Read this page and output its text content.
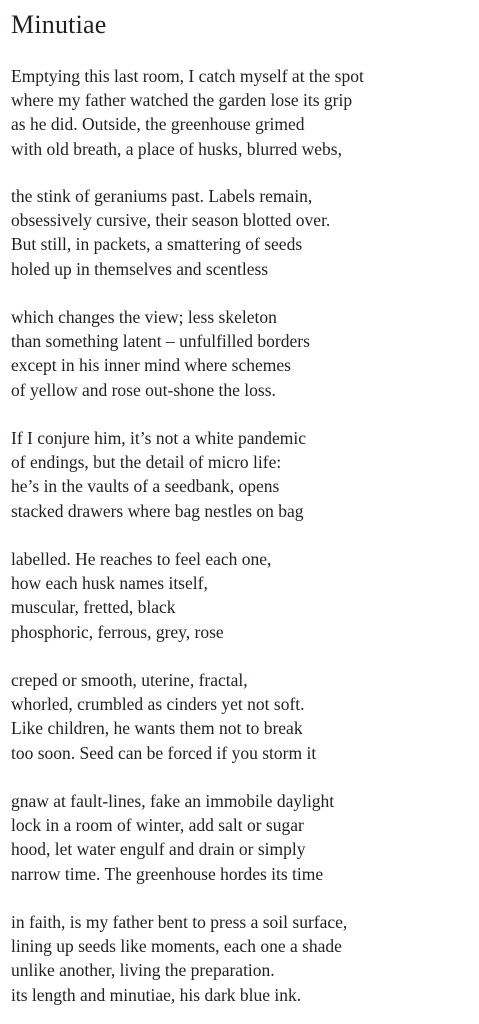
Minutiae
Emptying this last room, I catch myself at the spot
where my father watched the garden lose its grip
as he did. Outside, the greenhouse grimed
with old breath, a place of husks, blurred webs,
the stink of geraniums past. Labels remain,
obsessively cursive, their season blotted over.
But still, in packets, a smattering of seeds
holed up in themselves and scentless
which changes the view; less skeleton
than something latent – unfulfilled borders
except in his inner mind where schemes
of yellow and rose out-shone the loss.
If I conjure him, it’s not a white pandemic
of endings, but the detail of micro life:
he’s in the vaults of a seedbank, opens
stacked drawers where bag nestles on bag
labelled. He reaches to feel each one,
how each husk names itself,
muscular, fretted, black
phosphoric, ferrous, grey, rose
creped or smooth, uterine, fractal,
whorled, crumbled as cinders yet not soft.
Like children, he wants them not to break
too soon. Seed can be forced if you storm it
gnaw at fault-lines, fake an immobile daylight
lock in a room of winter, add salt or sugar
hood, let water engulf and drain or simply
narrow time. The greenhouse hordes its time
in faith, is my father bent to press a soil surface,
lining up seeds like moments, each one a shade
unlike another, living the preparation.
its length and minutiae, his dark blue ink.
